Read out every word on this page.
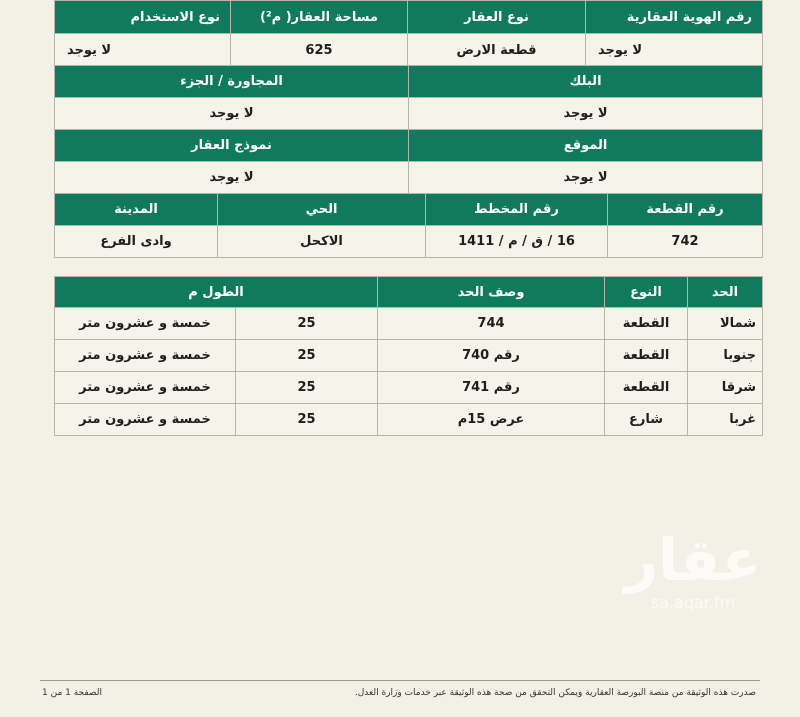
رقم الهوية العقارية	نوع العقار	مساحة العقار( م²)	نوع الاستخدام
لا يوجد	قطعة الارض	625	لا يوجد
البلك	المجاورة / الجزء
لا يوجد	لا يوجد
الموقع	نموذج العقار
لا يوجد	لا يوجد
رقم القطعة	رقم المخطط	الحي	المدينة
742	16 / ق / م / 1411	الاكحل	وادى الفرع
الحد	النوع	وصف الحد	الطول م	
شمالا	القطعة	744	25	خمسة و عشرون متر
جنوبا	القطعة	رقم 740	25	خمسة و عشرون متر
شرقا	القطعة	رقم 741	25	خمسة و عشرون متر
غربا	شارع	عرض 15م	25	خمسة و عشرون متر
عقار
sa.aqar.fm
صدرت هذه الوثيقة من منصة البورصة العقارية ويمكن التحقق من صحة هذه الوثيقة عبر خدمات وزارة العدل.
الصفحة 1 من 1
